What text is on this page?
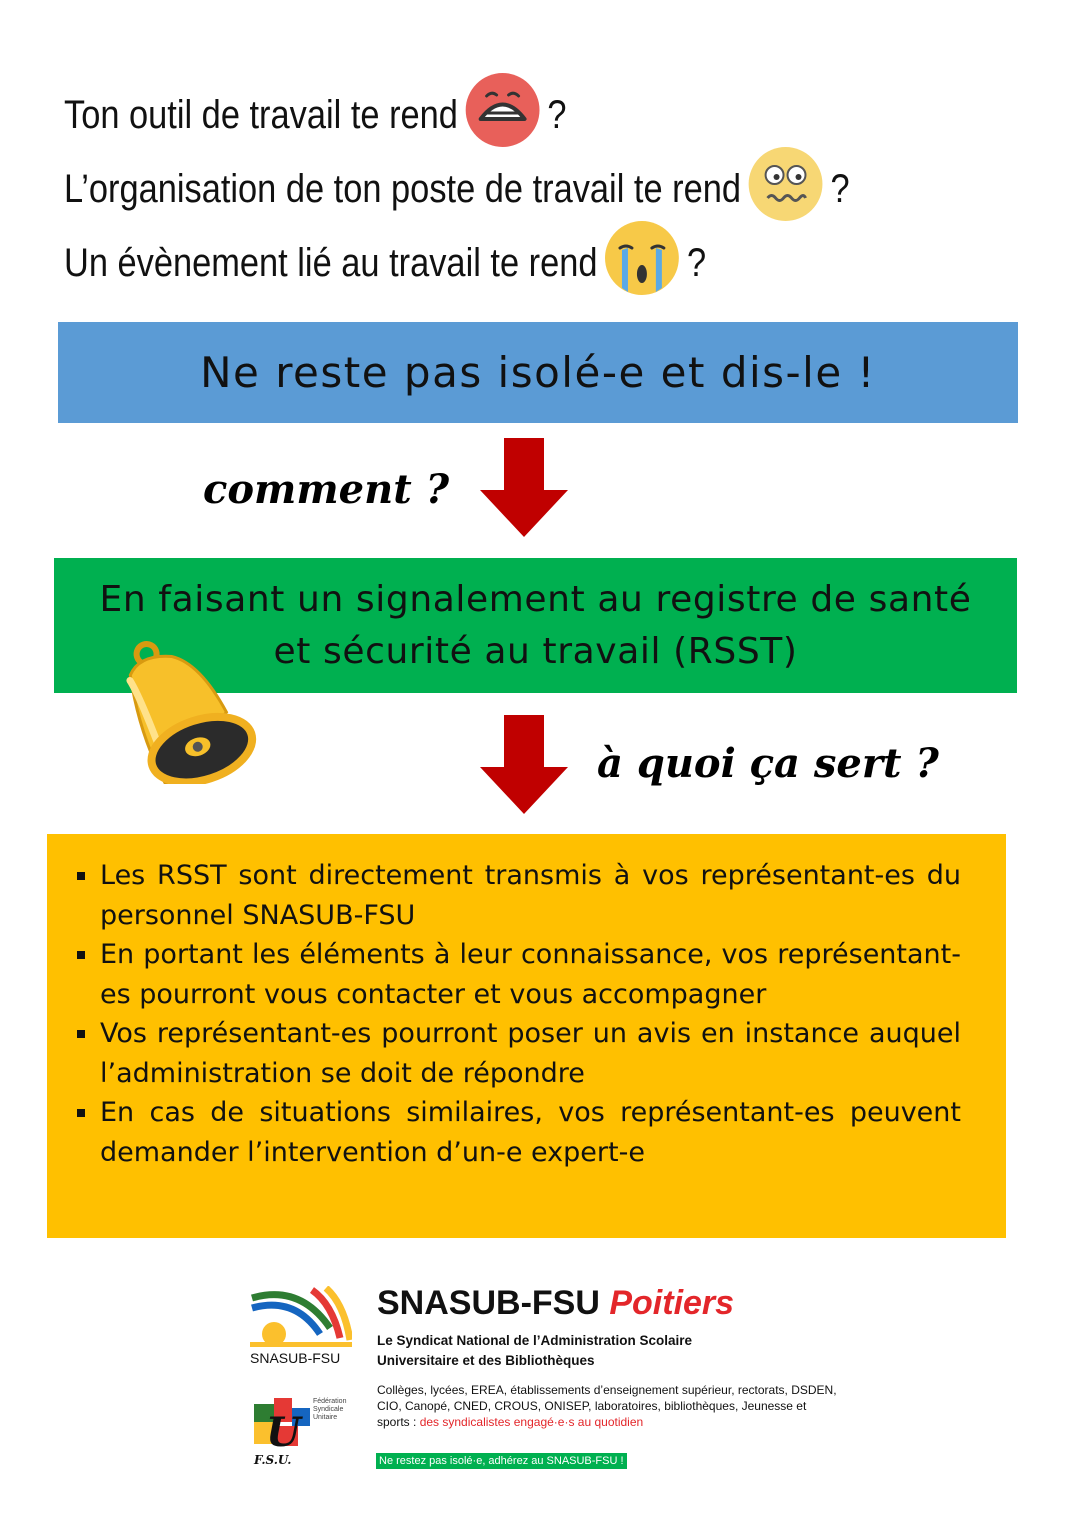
Ton outil de travail te rend ?
L’organisation de ton poste de travail te rend ?
Un évènement lié au travail te rend ?
Ne reste pas isolé-e et dis-le !
comment ?
En faisant un signalement au registre de santé
et sécurité au travail (RSST)
à quoi ça sert ?
Les RSST sont directement transmis à vos représentant-es du personnel SNASUB-FSU
En portant les éléments à leur connaissance, vos représentant-es pourront vous contacter et vous accompagner
Vos représentant-es pourront poser un avis en instance auquel l’administration se doit de répondre
En cas de situations similaires, vos représentant-es peuvent demander l’intervention d’un-e expert-e
SNASUB-FSU
U
Fédération Syndicale Unitaire
F.S.U.
SNASUB-FSU Poitiers
Le Syndicat National de l’Administration Scolaire
Universitaire et des Bibliothèques
Collèges, lycées, EREA, établissements d’enseignement supérieur, rectorats, DSDEN, CIO, Canopé, CNED, CROUS, ONISEP, laboratoires, bibliothèques, Jeunesse et sports : des syndicalistes engagé·e·s au quotidien
Ne restez pas isolé·e, adhérez au SNASUB-FSU !
